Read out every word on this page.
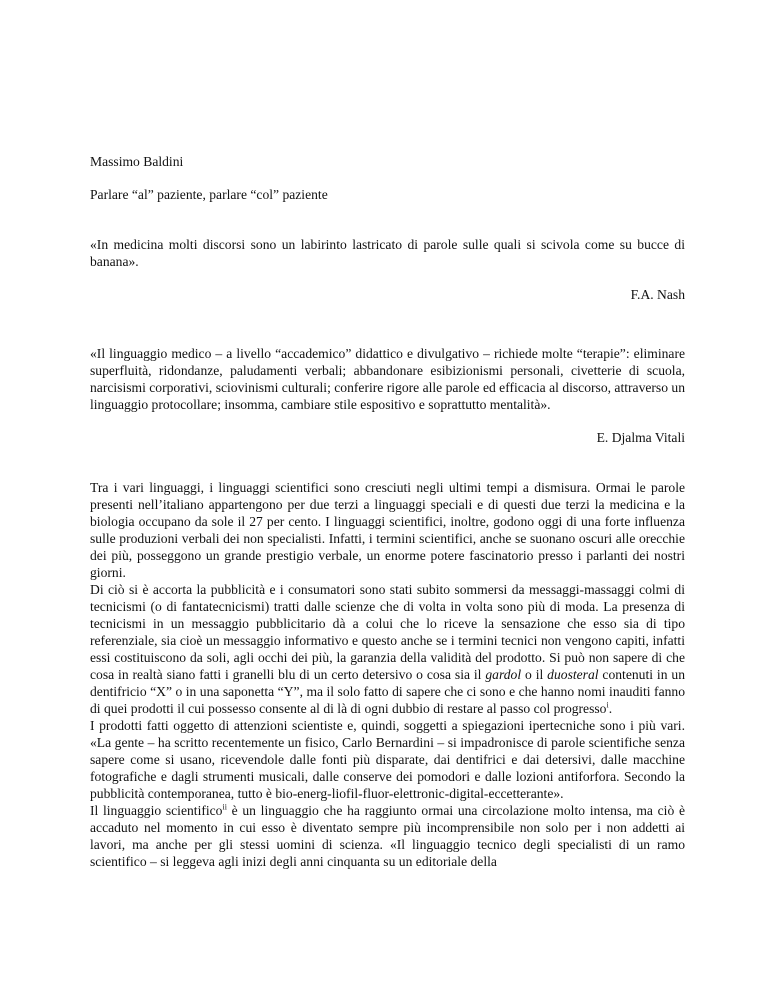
Massimo Baldini

Parlare “al” paziente, parlare “col” paziente

«In medicina molti discorsi sono un labirinto lastricato di parole sulle quali si scivola come su bucce di banana».

F.A. Nash

«Il linguaggio medico – a livello “accademico” didattico e divulgativo – richiede molte “terapie”: eliminare superfluità, ridondanze, paludamenti verbali; abbandonare esibizionismi personali, civetterie di scuola, narcisismi corporativi, sciovinismi culturali; conferire rigore alle parole ed efficacia al discorso, attraverso un linguaggio protocollare; insomma, cambiare stile espositivo e soprattutto mentalità».

E. Djalma Vitali

Tra i vari linguaggi, i linguaggi scientifici sono cresciuti negli ultimi tempi a dismisura. Ormai le parole presenti nell’italiano appartengono per due terzi a linguaggi speciali e di questi due terzi la medicina e la biologia occupano da sole il 27 per cento. I linguaggi scientifici, inoltre, godono oggi di una forte influenza sulle produzioni verbali dei non specialisti. Infatti, i termini scientifici, anche se suonano oscuri alle orecchie dei più, posseggono un grande prestigio verbale, un enorme potere fascinatorio presso i parlanti dei nostri giorni.

Di ciò si è accorta la pubblicità e i consumatori sono stati subito sommersi da messaggi-massaggi colmi di tecnicismi (o di fantatecnicismi) tratti dalle scienze che di volta in volta sono più di moda. La presenza di tecnicismi in un messaggio pubblicitario dà a colui che lo riceve la sensazione che esso sia di tipo referenziale, sia cioè un messaggio informativo e questo anche se i termini tecnici non vengono capiti, infatti essi costituiscono da soli, agli occhi dei più, la garanzia della validità del prodotto. Si può non sapere di che cosa in realtà siano fatti i granelli blu di un certo detersivo o cosa sia il gardol o il duosteral contenuti in un dentifricio “X” o in una saponetta “Y”, ma il solo fatto di sapere che ci sono e che hanno nomi inauditi fanno di quei prodotti il cui possesso consente al di là di ogni dubbio di restare al passo col progresso$^i$.

I prodotti fatti oggetto di attenzioni scientiste e, quindi, soggetti a spiegazioni ipertecniche sono i più vari. «La gente – ha scritto recentemente un fisico, Carlo Bernardini – si impadronisce di parole scientifiche senza sapere come si usano, ricevendole dalle fonti più disparate, dai dentifrici e dai detersivi, dalle macchine fotografiche e dagli strumenti musicali, dalle conserve dei pomodori e dalle lozioni antiforfora. Secondo la pubblicità contemporanea, tutto è bio-energ-liofil-fluor-elettronic-digital-eccetterante».

Il linguaggio scientifico$^{ii}$ è un linguaggio che ha raggiunto ormai una circolazione molto intensa, ma ciò è accaduto nel momento in cui esso è diventato sempre più incomprensibile non solo per i non addetti ai lavori, ma anche per gli stessi uomini di scienza. «Il linguaggio tecnico degli specialisti di un ramo scientifico – si leggeva agli inizi degli anni cinquanta su un editoriale della
